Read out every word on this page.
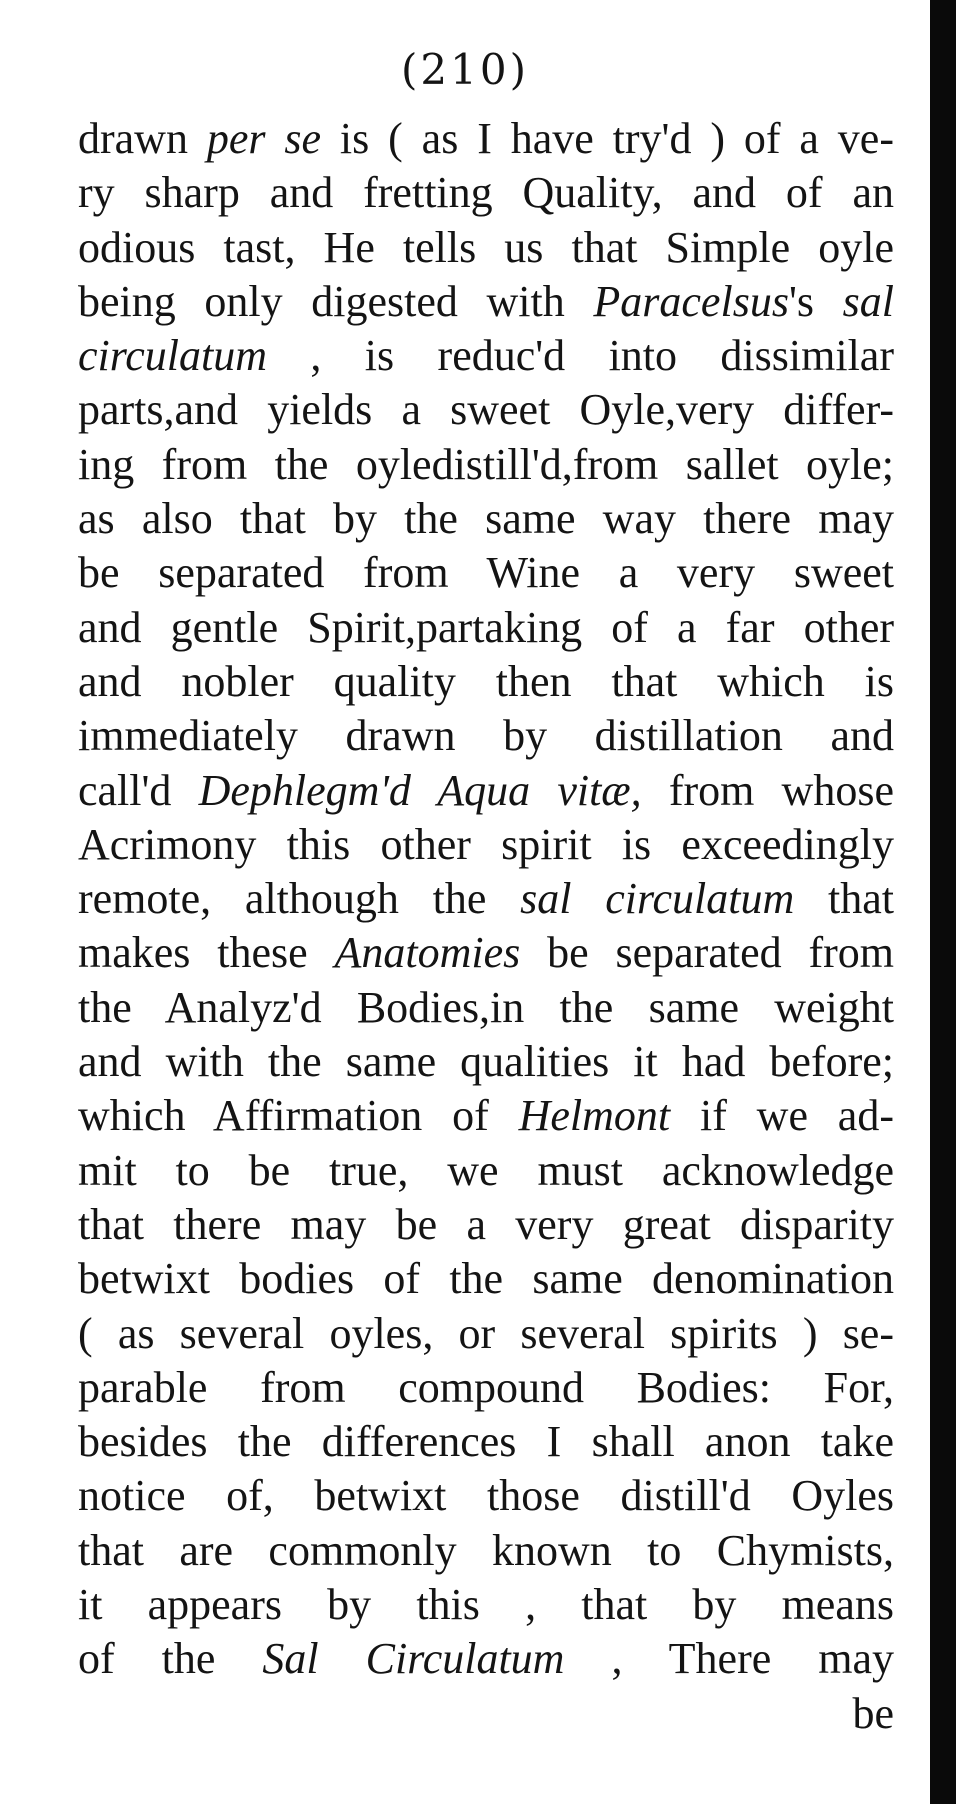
(210)
drawn per se is ( as I have try'd ) of a ve-
ry sharp and fretting Quality, and of an
odious tast, He tells us that Simple oyle
being only digested with Paracelsus's sal
circulatum , is reduc'd into dissimilar
parts,and yields a sweet Oyle,very differ-
ing from the oyledistill'd,from sallet oyle;
as also that by the same way there may
be separated from Wine a very sweet
and gentle Spirit,partaking of a far other
and nobler quality then that which is
immediately drawn by distillation and
call'd Dephlegm'd Aqua vitæ, from whose
Acrimony this other spirit is exceedingly
remote, although the sal circulatum that
makes these Anatomies be separated from
the Analyz'd Bodies,in the same weight
and with the same qualities it had before;
which Affirmation of Helmont if we ad-
mit to be true, we must acknowledge
that there may be a very great disparity
betwixt bodies of the same denomination
( as several oyles, or several spirits ) se-
parable from compound Bodies: For,
besides the differences I shall anon take
notice of, betwixt those distill'd Oyles
that are commonly known to Chymists,
it appears by this , that by means
of the Sal Circulatum , There may
be
